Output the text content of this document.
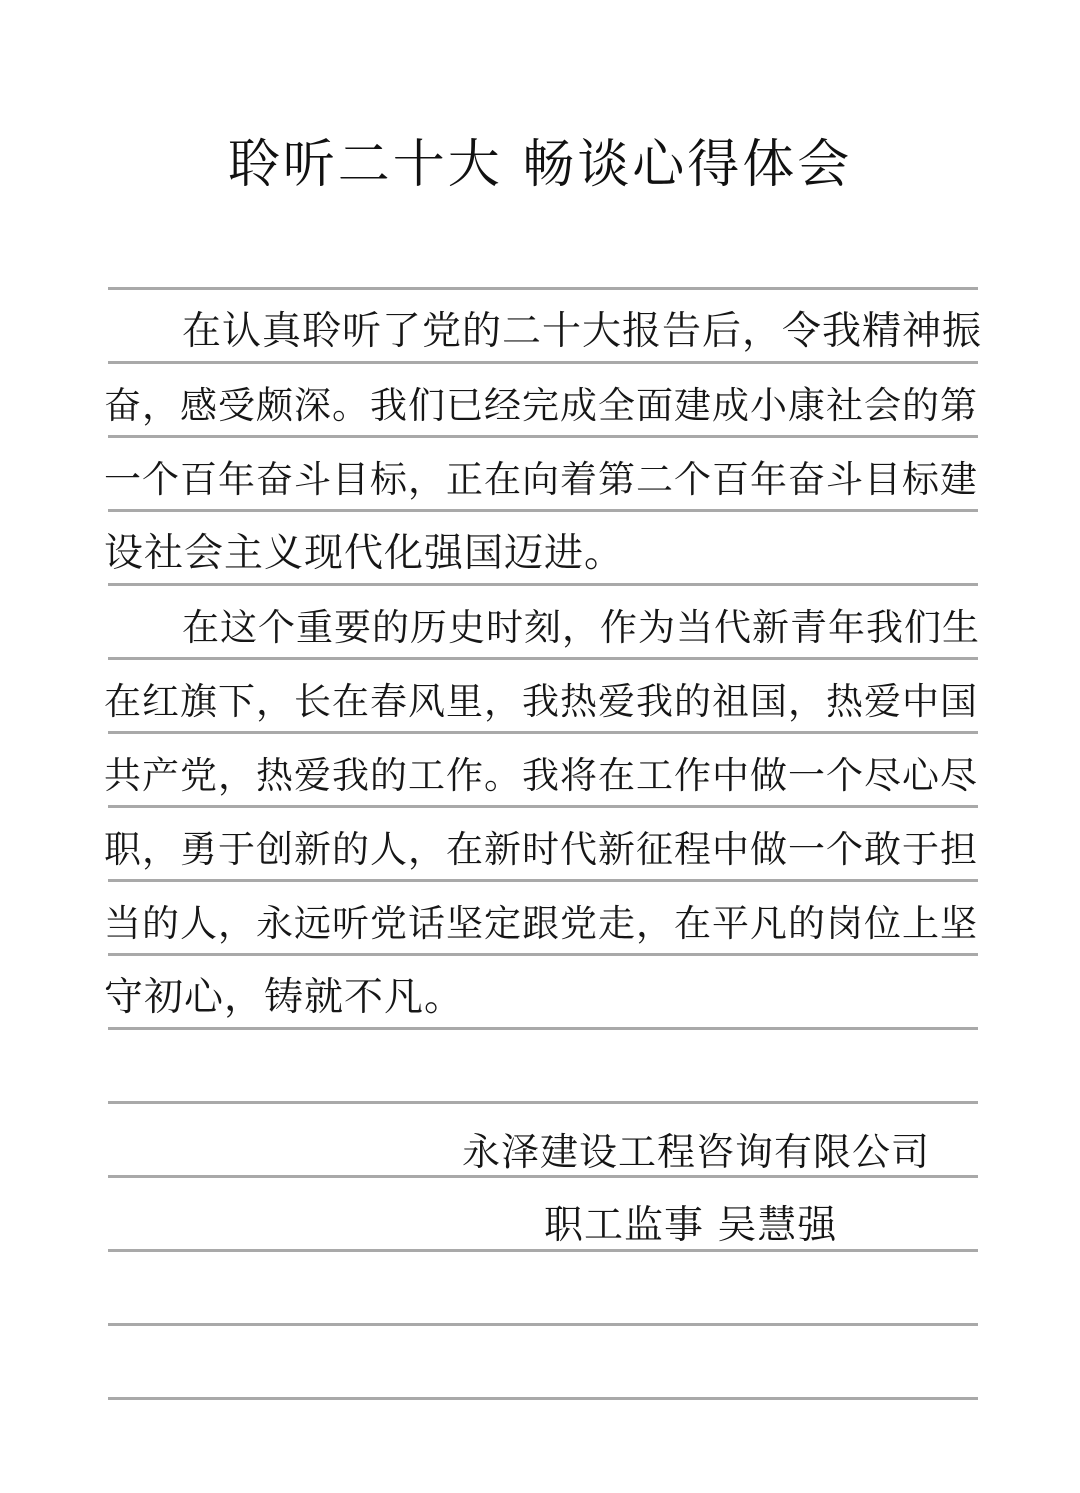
聆听二十大 畅谈心得体会
在认真聆听了党的二十大报告后，令我精神振
奋，感受颇深。我们已经完成全面建成小康社会的第
一个百年奋斗目标，正在向着第二个百年奋斗目标建
设社会主义现代化强国迈进。
在这个重要的历史时刻，作为当代新青年我们生
在红旗下，长在春风里，我热爱我的祖国，热爱中国
共产党，热爱我的工作。我将在工作中做一个尽心尽
职，勇于创新的人，在新时代新征程中做一个敢于担
当的人，永远听党话坚定跟党走，在平凡的岗位上坚
守初心，铸就不凡。
永泽建设工程咨询有限公司
职工监事 吴慧强
